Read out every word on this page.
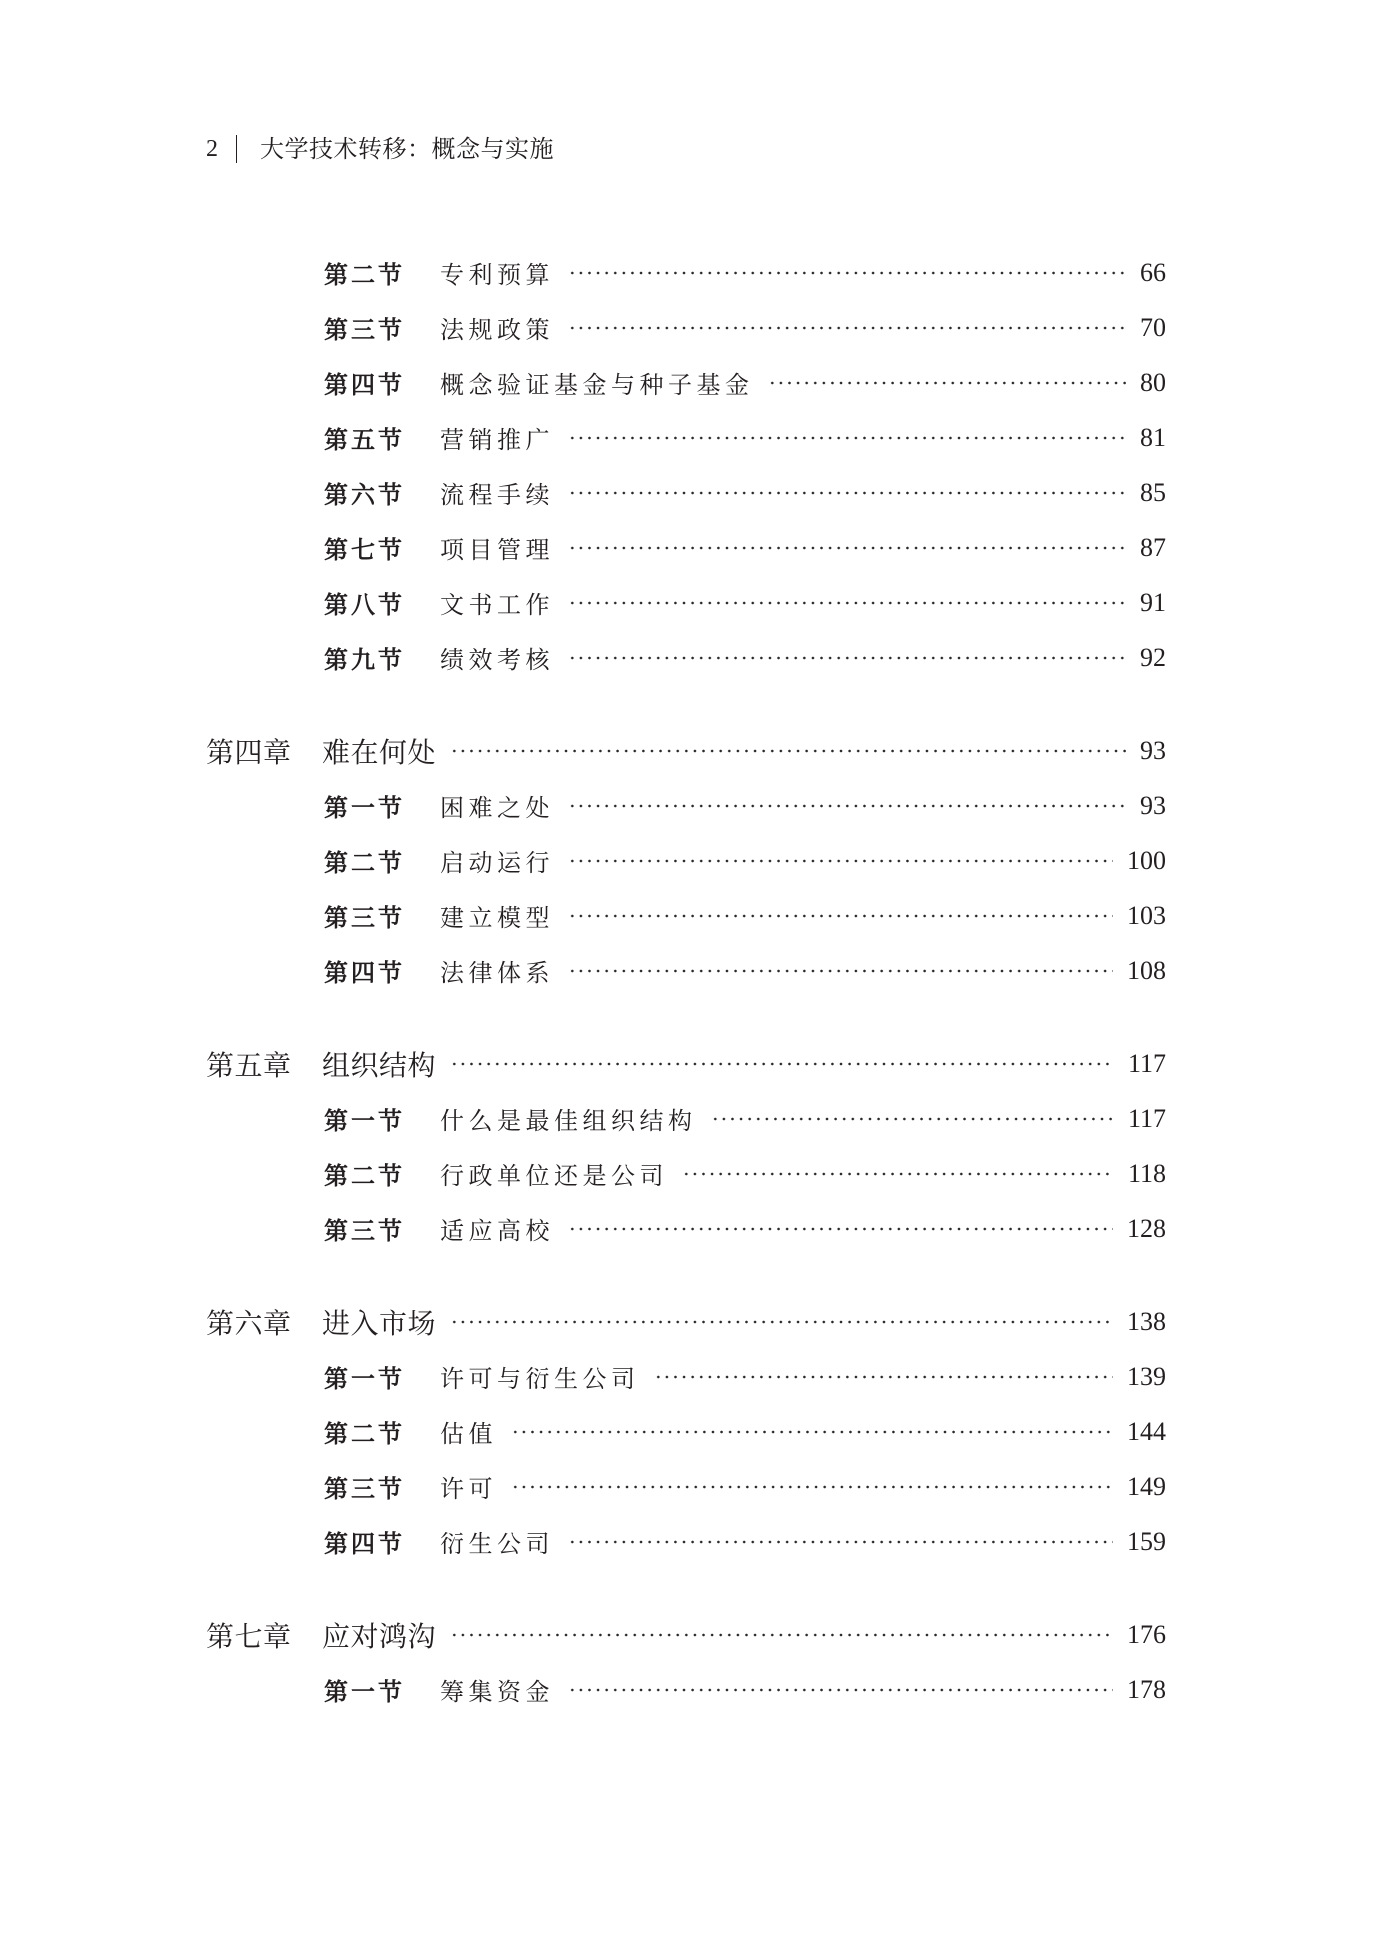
2 大学技术转移：概念与实施
第二节	专利预算	66
第三节	法规政策	70
第四节	概念验证基金与种子基金	80
第五节	营销推广	81
第六节	流程手续	85
第七节	项目管理	87
第八节	文书工作	91
第九节	绩效考核	92
第四章	难在何处	93
第一节	困难之处	93
第二节	启动运行	100
第三节	建立模型	103
第四节	法律体系	108
第五章	组织结构	117
第一节	什么是最佳组织结构	117
第二节	行政单位还是公司	118
第三节	适应高校	128
第六章	进入市场	138
第一节	许可与衍生公司	139
第二节	估值	144
第三节	许可	149
第四节	衍生公司	159
第七章	应对鸿沟	176
第一节	筹集资金	178
